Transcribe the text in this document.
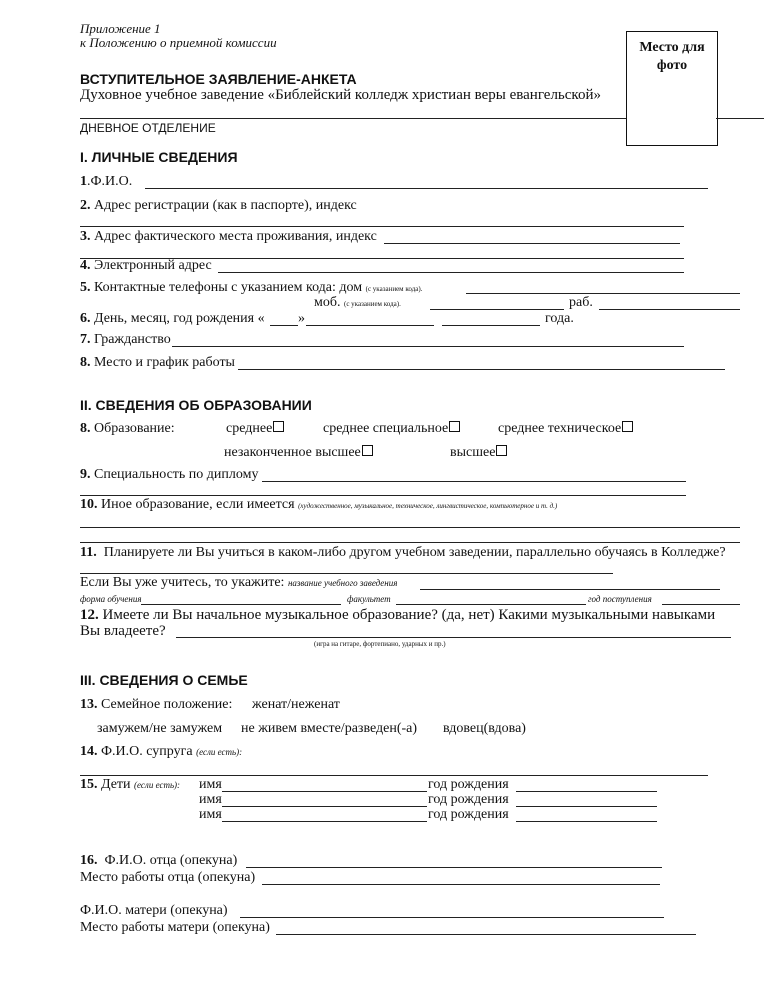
Приложение 1
к Положению о приемной комиссии	Место для
фото
ВСТУПИТЕЛЬНОЕ ЗАЯВЛЕНИЕ-АНКЕТА
Духовное учебное заведение «Библейский колледж христиан веры евангельской»
ДНЕВНОЕ ОТДЕЛЕНИЕ
I. ЛИЧНЫЕ СВЕДЕНИЯ
1.Ф.И.О.
2. Адрес регистрации (как в паспорте), индекс
3. Адрес фактического места проживания, индекс
4. Электронный адрес
5. Контактные телефоны с указанием кода: дом (с указанием кода).
моб. (с указанием кода).	раб.
6. День, месяц, год рождения « »	года.
7. Гражданство
8. Место и график работы
II. СВЕДЕНИЯ ОБ ОБРАЗОВАНИИ
8. Образование:	среднее	среднее специальное	среднее техническое
незаконченное высшее	высшее
9. Специальность по диплому
10. Иное образование, если имеется (художественное, музыкальное, техническое, лингвистическое, компьютерное и т. д.)
11. Планируете ли Вы учиться в каком-либо другом учебном заведении, параллельно обучаясь в Колледже?
Если Вы уже учитесь, то укажите: название учебного заведения
форма обучения	факультет	год поступления
12. Имеете ли Вы начальное музыкальное образование? (да, нет) Какими музыкальными навыками
Вы владеете?
(игра на гитаре, фортепиано, ударных и пр.)
III. СВЕДЕНИЯ О СЕМЬЕ
13. Семейное положение: женат/неженат
замужем/не замужем не живем вместе/разведен(-а) вдовец(вдова)
14. Ф.И.О. супруга (если есть):
15. Дети (если есть): имя	год рождения
имя	год рождения
имя	год рождения
16. Ф.И.О. отца (опекуна)
Место работы отца (опекуна)
Ф.И.О. матери (опекуна)
Место работы матери (опекуна)
